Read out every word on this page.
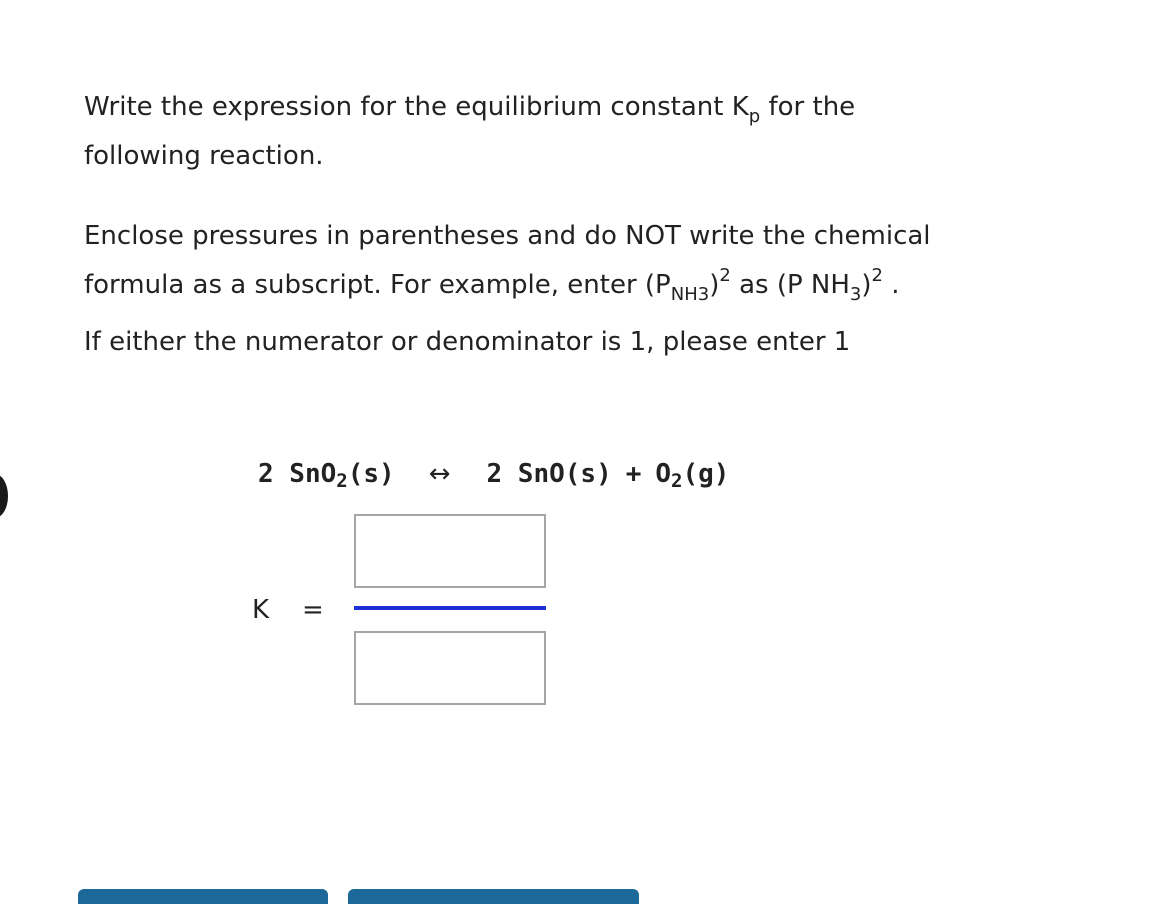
Write the expression for the equilibrium constant $K_p$ for the
following reaction.
Enclose pressures in parentheses and do NOT write the chemical
formula as a subscript. For example, enter $(P_{NH3})^2$ as (P $NH_3)^2$ .
If either the numerator or denominator is 1, please enter 1
2 SnO$_2$(s) ↔ 2 $SnO(s) + O_2(g)$
K =
